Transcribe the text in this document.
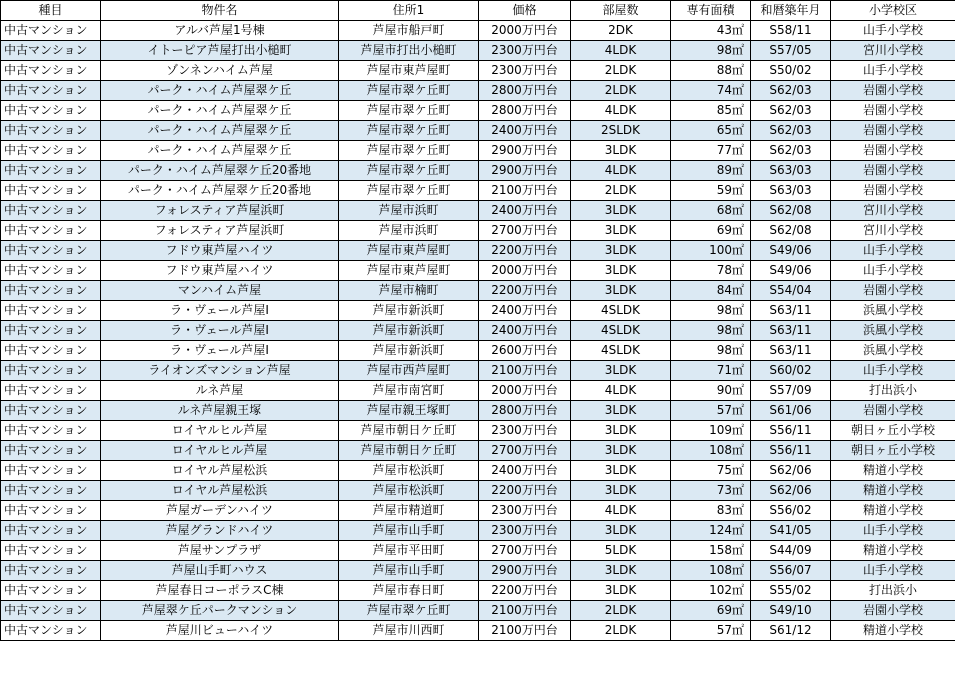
種目	物件名	住所1	価格	部屋数	専有面積	和暦築年月	小学校区
中古マンション	アルバ芦屋1号棟	芦屋市船戸町	2000万円台	2DK	43㎡	S58/11	山手小学校
中古マンション	イトーピア芦屋打出小槌町	芦屋市打出小槌町	2300万円台	4LDK	98㎡	S57/05	宮川小学校
中古マンション	ゾンネンハイム芦屋	芦屋市東芦屋町	2300万円台	2LDK	88㎡	S50/02	山手小学校
中古マンション	パーク・ハイム芦屋翠ケ丘	芦屋市翠ケ丘町	2800万円台	2LDK	74㎡	S62/03	岩園小学校
中古マンション	パーク・ハイム芦屋翠ケ丘	芦屋市翠ケ丘町	2800万円台	4LDK	85㎡	S62/03	岩園小学校
中古マンション	パーク・ハイム芦屋翠ケ丘	芦屋市翠ケ丘町	2400万円台	2SLDK	65㎡	S62/03	岩園小学校
中古マンション	パーク・ハイム芦屋翠ケ丘	芦屋市翠ケ丘町	2900万円台	3LDK	77㎡	S62/03	岩園小学校
中古マンション	パーク・ハイム芦屋翠ケ丘20番地	芦屋市翠ケ丘町	2900万円台	4LDK	89㎡	S63/03	岩園小学校
中古マンション	パーク・ハイム芦屋翠ケ丘20番地	芦屋市翠ケ丘町	2100万円台	2LDK	59㎡	S63/03	岩園小学校
中古マンション	フォレスティア芦屋浜町	芦屋市浜町	2400万円台	3LDK	68㎡	S62/08	宮川小学校
中古マンション	フォレスティア芦屋浜町	芦屋市浜町	2700万円台	3LDK	69㎡	S62/08	宮川小学校
中古マンション	フドウ東芦屋ハイツ	芦屋市東芦屋町	2200万円台	3LDK	100㎡	S49/06	山手小学校
中古マンション	フドウ東芦屋ハイツ	芦屋市東芦屋町	2000万円台	3LDK	78㎡	S49/06	山手小学校
中古マンション	マンハイム芦屋	芦屋市楠町	2200万円台	3LDK	84㎡	S54/04	岩園小学校
中古マンション	ラ・ヴェール芦屋Ⅰ	芦屋市新浜町	2400万円台	4SLDK	98㎡	S63/11	浜風小学校
中古マンション	ラ・ヴェール芦屋Ⅰ	芦屋市新浜町	2400万円台	4SLDK	98㎡	S63/11	浜風小学校
中古マンション	ラ・ヴェール芦屋Ⅰ	芦屋市新浜町	2600万円台	4SLDK	98㎡	S63/11	浜風小学校
中古マンション	ライオンズマンション芦屋	芦屋市西芦屋町	2100万円台	3LDK	71㎡	S60/02	山手小学校
中古マンション	ルネ芦屋	芦屋市南宮町	2000万円台	4LDK	90㎡	S57/09	打出浜小
中古マンション	ルネ芦屋親王塚	芦屋市親王塚町	2800万円台	3LDK	57㎡	S61/06	岩園小学校
中古マンション	ロイヤルヒル芦屋	芦屋市朝日ケ丘町	2300万円台	3LDK	109㎡	S56/11	朝日ヶ丘小学校
中古マンション	ロイヤルヒル芦屋	芦屋市朝日ケ丘町	2700万円台	3LDK	108㎡	S56/11	朝日ヶ丘小学校
中古マンション	ロイヤル芦屋松浜	芦屋市松浜町	2400万円台	3LDK	75㎡	S62/06	精道小学校
中古マンション	ロイヤル芦屋松浜	芦屋市松浜町	2200万円台	3LDK	73㎡	S62/06	精道小学校
中古マンション	芦屋ガーデンハイツ	芦屋市精道町	2300万円台	4LDK	83㎡	S56/02	精道小学校
中古マンション	芦屋グランドハイツ	芦屋市山手町	2300万円台	3LDK	124㎡	S41/05	山手小学校
中古マンション	芦屋サンプラザ	芦屋市平田町	2700万円台	5LDK	158㎡	S44/09	精道小学校
中古マンション	芦屋山手町ハウス	芦屋市山手町	2900万円台	3LDK	108㎡	S56/07	山手小学校
中古マンション	芦屋春日コーポラスC棟	芦屋市春日町	2200万円台	3LDK	102㎡	S55/02	打出浜小
中古マンション	芦屋翠ケ丘パークマンション	芦屋市翠ケ丘町	2100万円台	2LDK	69㎡	S49/10	岩園小学校
中古マンション	芦屋川ビューハイツ	芦屋市川西町	2100万円台	2LDK	57㎡	S61/12	精道小学校
